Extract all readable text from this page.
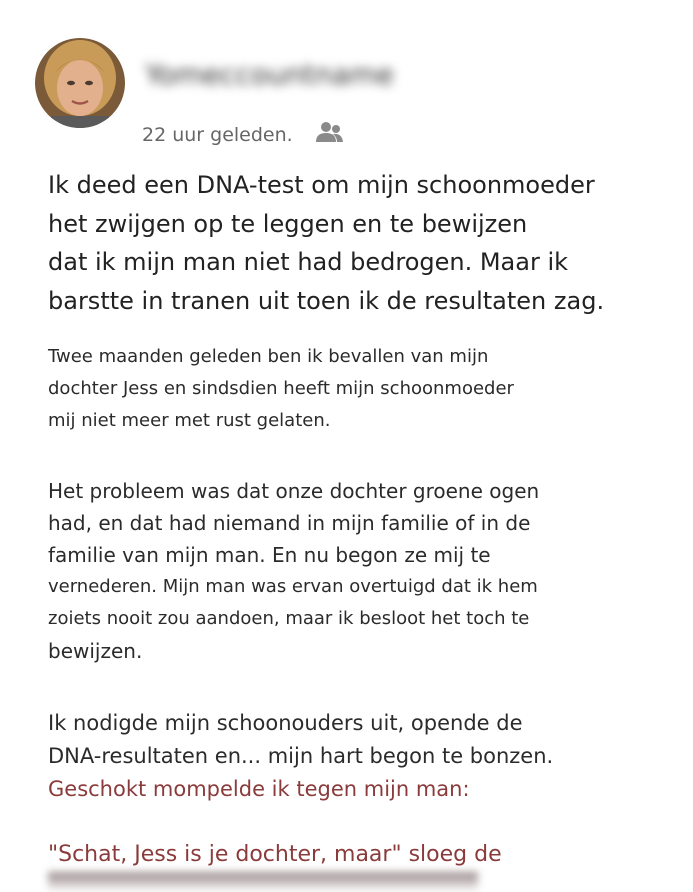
Yomeccountname
22 uur geleden.

Ik deed een DNA-test om mijn schoonmoeder

het zwijgen op te leggen en te bewijzen

dat ik mijn man niet had bedrogen. Maar ik

barstte in tranen uit toen ik de resultaten zag.

Twee maanden geleden ben ik bevallen van mijn

dochter Jess en sindsdien heeft mijn schoonmoeder

mij niet meer met rust gelaten.

Het probleem was dat onze dochter groene ogen

had, en dat had niemand in mijn familie of in de

familie van mijn man. En nu begon ze mij te

vernederen. Mijn man was ervan overtuigd dat ik hem

zoiets nooit zou aandoen, maar ik besloot het toch te

bewijzen.

Ik nodigde mijn schoonouders uit, opende de

DNA-resultaten en... mijn hart begon te bonzen.

Geschokt mompelde ik tegen mijn man:

"Schat, Jess is je dochter, maar" sloeg de
